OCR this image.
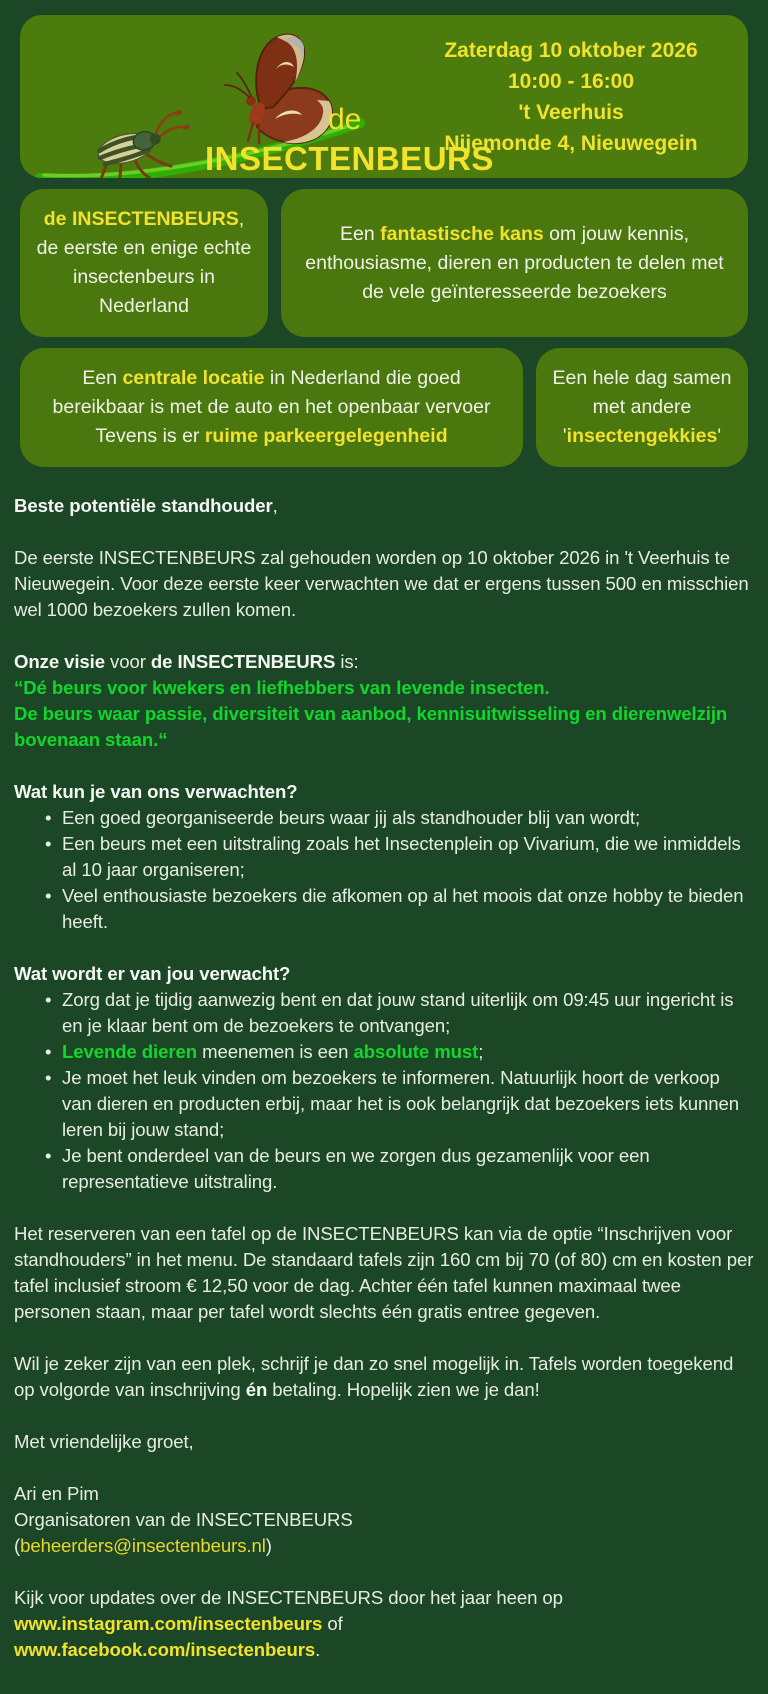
de
INSECTENBEURS
Zaterdag 10 oktober 2026
10:00 - 16:00
't Veerhuis
Nijemonde 4, Nieuwegein
de INSECTENBEURS, de eerste en enige echte insectenbeurs in Nederland
Een fantastische kans om jouw kennis, enthousiasme, dieren en producten te delen met de vele geïnteresseerde bezoekers
Een centrale locatie in Nederland die goed bereikbaar is met de auto en het openbaar vervoer Tevens is er ruime parkeergelegenheid
Een hele dag samen met andere 'insectengekkies'

Beste potentiële standhouder,

De eerste INSECTENBEURS zal gehouden worden op 10 oktober 2026 in 't Veerhuis te Nieuwegein. Voor deze eerste keer verwachten we dat er ergens tussen 500 en misschien wel 1000 bezoekers zullen komen.

Onze visie voor de INSECTENBEURS is:

“Dé beurs voor kwekers en liefhebbers van levende insecten.

De beurs waar passie, diversiteit van aanbod, kennisuitwisseling en dierenwelzijn bovenaan staan.“

Wat kun je van ons verwachten?

• Een goed georganiseerde beurs waar jij als standhouder blij van wordt;
• Een beurs met een uitstraling zoals het Insectenplein op Vivarium, die we inmiddels al 10 jaar organiseren;
• Veel enthousiaste bezoekers die afkomen op al het moois dat onze hobby te bieden heeft.

Wat wordt er van jou verwacht?

• Zorg dat je tijdig aanwezig bent en dat jouw stand uiterlijk om 09:45 uur ingericht is en je klaar bent om de bezoekers te ontvangen;
• Levende dieren meenemen is een absolute must;
• Je moet het leuk vinden om bezoekers te informeren. Natuurlijk hoort de verkoop van dieren en producten erbij, maar het is ook belangrijk dat bezoekers iets kunnen leren bij jouw stand;
• Je bent onderdeel van de beurs en we zorgen dus gezamenlijk voor een representatieve uitstraling.

Het reserveren van een tafel op de INSECTENBEURS kan via de optie “Inschrijven voor standhouders” in het menu. De standaard tafels zijn 160 cm bij 70 (of 80) cm en kosten per tafel inclusief stroom € 12,50 voor de dag. Achter één tafel kunnen maximaal twee personen staan, maar per tafel wordt slechts één gratis entree gegeven.

Wil je zeker zijn van een plek, schrijf je dan zo snel mogelijk in. Tafels worden toegekend op volgorde van inschrijving én betaling. Hopelijk zien we je dan!

Met vriendelijke groet,

Ari en Pim

Organisatoren van de INSECTENBEURS

(beheerders@insectenbeurs.nl)

Kijk voor updates over de INSECTENBEURS door het jaar heen op
www.instagram.com/insectenbeurs of
www.facebook.com/insectenbeurs.
